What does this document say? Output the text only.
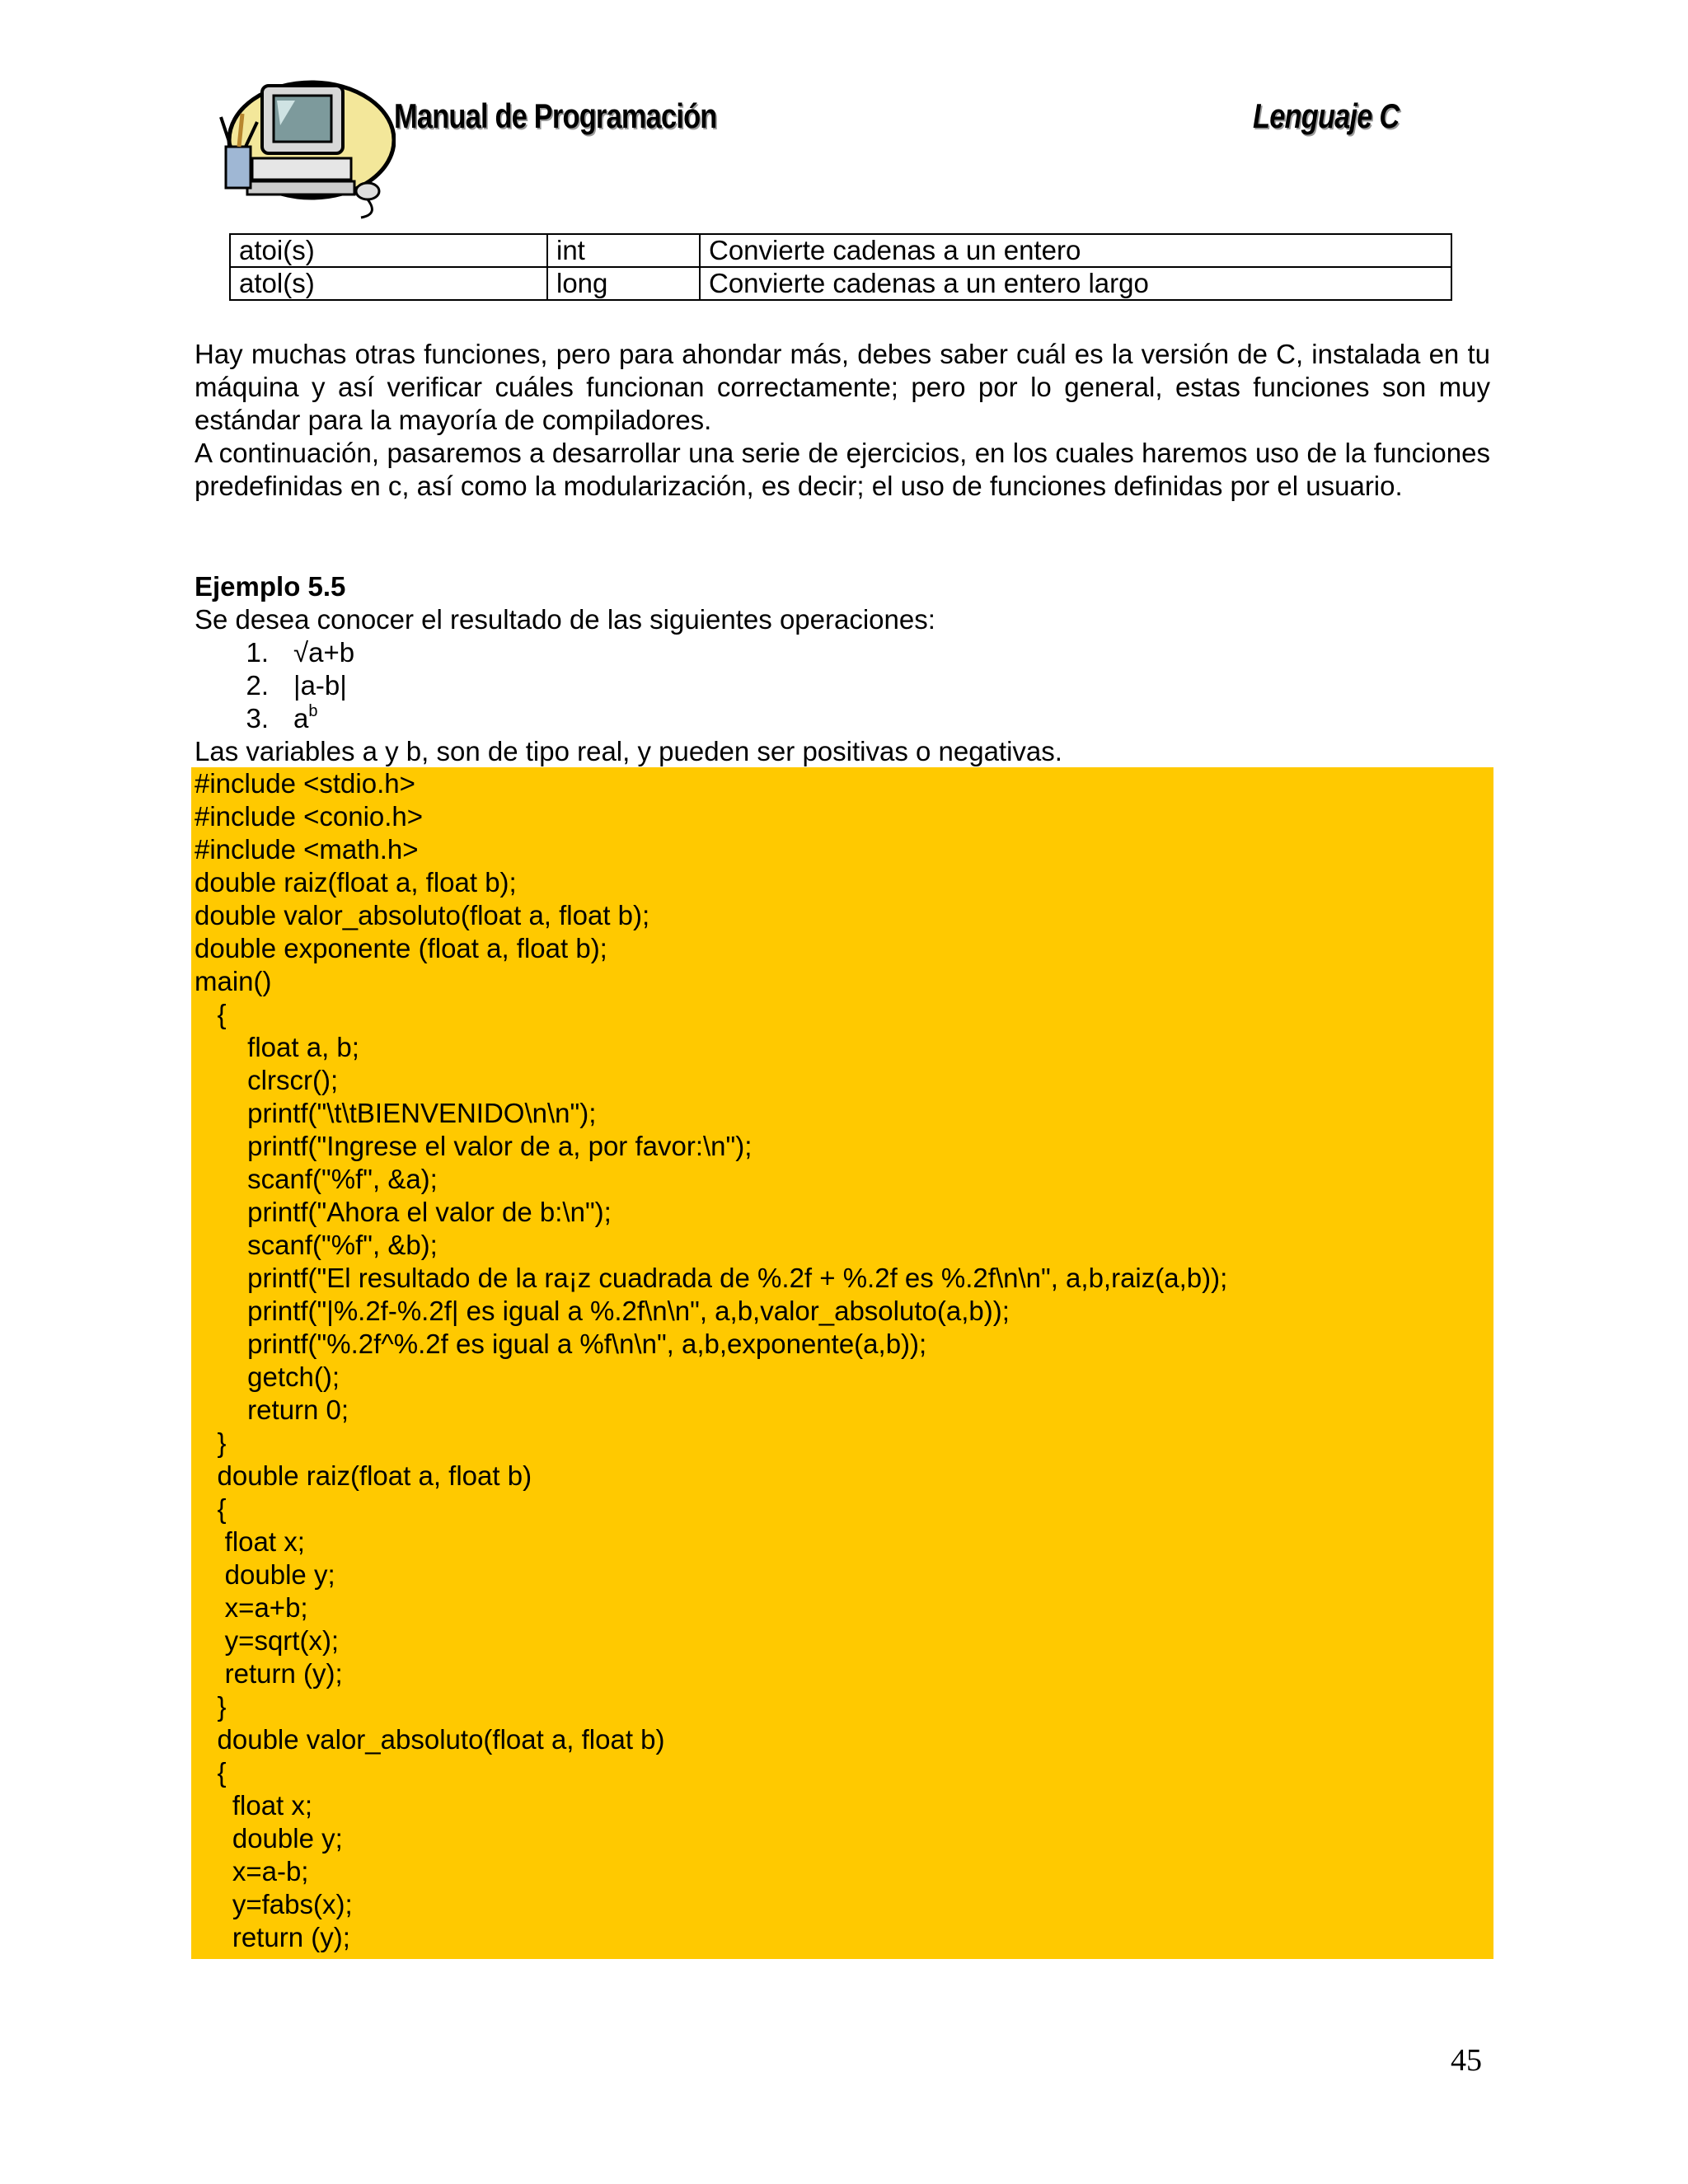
Manual de Programación	Lenguaje C
atoi(s)	int	Convierte cadenas a un entero
atol(s)	long	Convierte cadenas a un entero largo

Hay muchas otras funciones, pero para ahondar más, debes saber cuál es la versión de C, instalada en tu máquina y así verificar cuáles funcionan correctamente; pero por lo general, estas funciones son muy estándar para la mayoría de compiladores.

A continuación, pasaremos a desarrollar una serie de ejercicios, en los cuales haremos uso de la funciones predefinidas en c, así como la modularización, es decir; el uso de funciones definidas por el usuario.

Ejemplo 5.5

Se desea conocer el resultado de las siguientes operaciones:

1. √a+b
2. |a-b|
3. $a^b$

Las variables a y b, son de tipo real, y pueden ser positivas o negativas.

#include <stdio.h>
#include <conio.h>
#include <math.h>
double raiz(float a, float b);
double valor_absoluto(float a, float b);
double exponente (float a, float b);
main()
{
float a, b;
clrscr();
printf("\t\tBIENVENIDO\n\n");
printf("Ingrese el valor de a, por favor:\n");
scanf("%f", &a);
printf("Ahora el valor de b:\n");
scanf("%f", &b);
printf("El resultado de la ra¡z cuadrada de %.2f + %.2f es %.2f\n\n", a,b,raiz(a,b));
printf("|%.2f-%.2f| es igual a %.2f\n\n", a,b,valor_absoluto(a,b));
printf("%.2f^%.2f es igual a %f\n\n", a,b,exponente(a,b));
getch();
return 0;
}
double raiz(float a, float b)
{
float x;
double y;
x=a+b;
y=sqrt(x);
return (y);
}
double valor_absoluto(float a, float b)
{
float x;
double y;
x=a-b;
y=fabs(x);
return (y);
45
